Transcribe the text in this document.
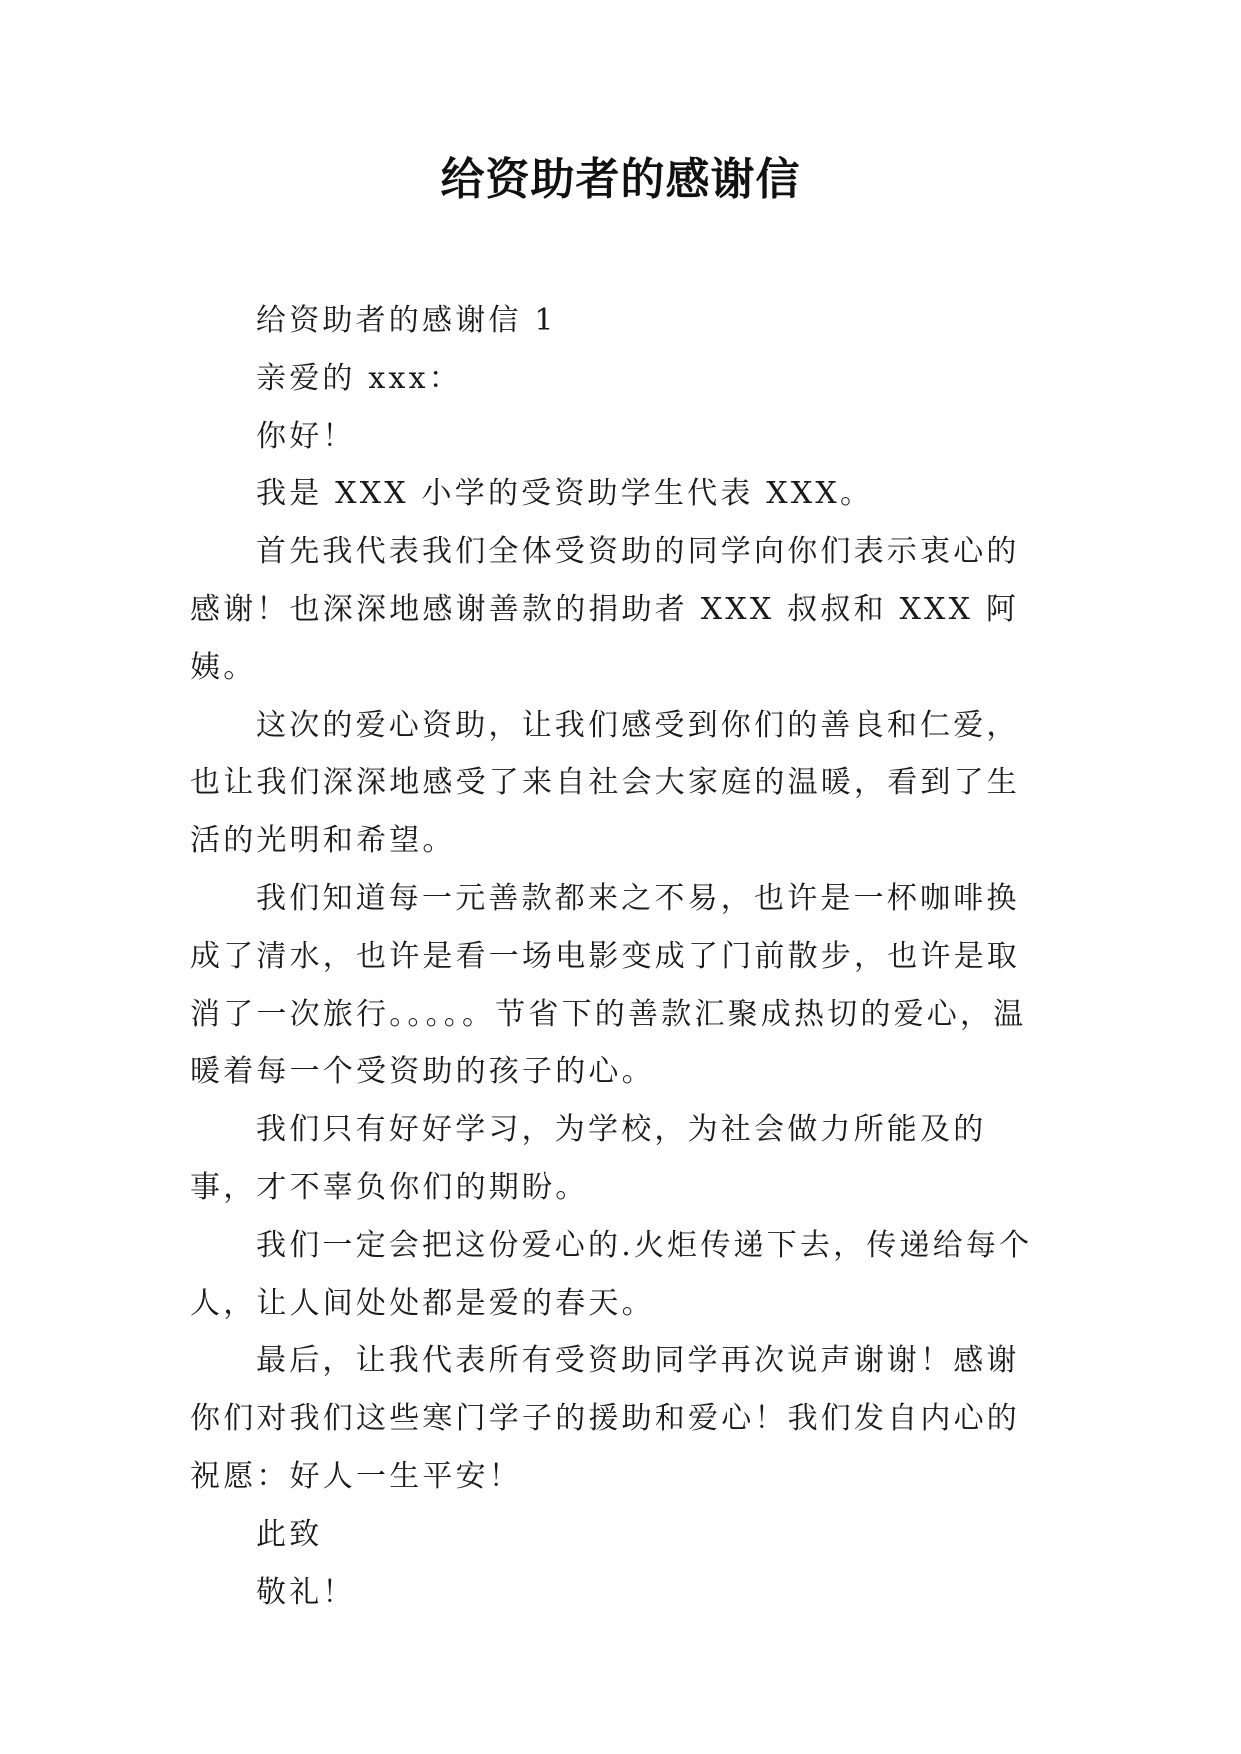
给资助者的感谢信

给资助者的感谢信 1

亲爱的 xxx：

你好！

我是 XXX 小学的受资助学生代表 XXX。

首先我代表我们全体受资助的同学向你们表示衷心的感谢！也深深地感谢善款的捐助者 XXX 叔叔和 XXX 阿姨。

这次的爱心资助，让我们感受到你们的善良和仁爱，也让我们深深地感受了来自社会大家庭的温暖，看到了生活的光明和希望。

我们知道每一元善款都来之不易，也许是一杯咖啡换成了清水，也许是看一场电影变成了门前散步，也许是取消了一次旅行。。。。。节省下的善款汇聚成热切的爱心，温暖着每一个受资助的孩子的心。

我们只有好好学习，为学校，为社会做力所能及的事，才不辜负你们的期盼。

我们一定会把这份爱心的.火炬传递下去，传递给每个人，让人间处处都是爱的春天。

最后，让我代表所有受资助同学再次说声谢谢！感谢你们对我们这些寒门学子的援助和爱心！我们发自内心的祝愿：好人一生平安！

此致

敬礼！
